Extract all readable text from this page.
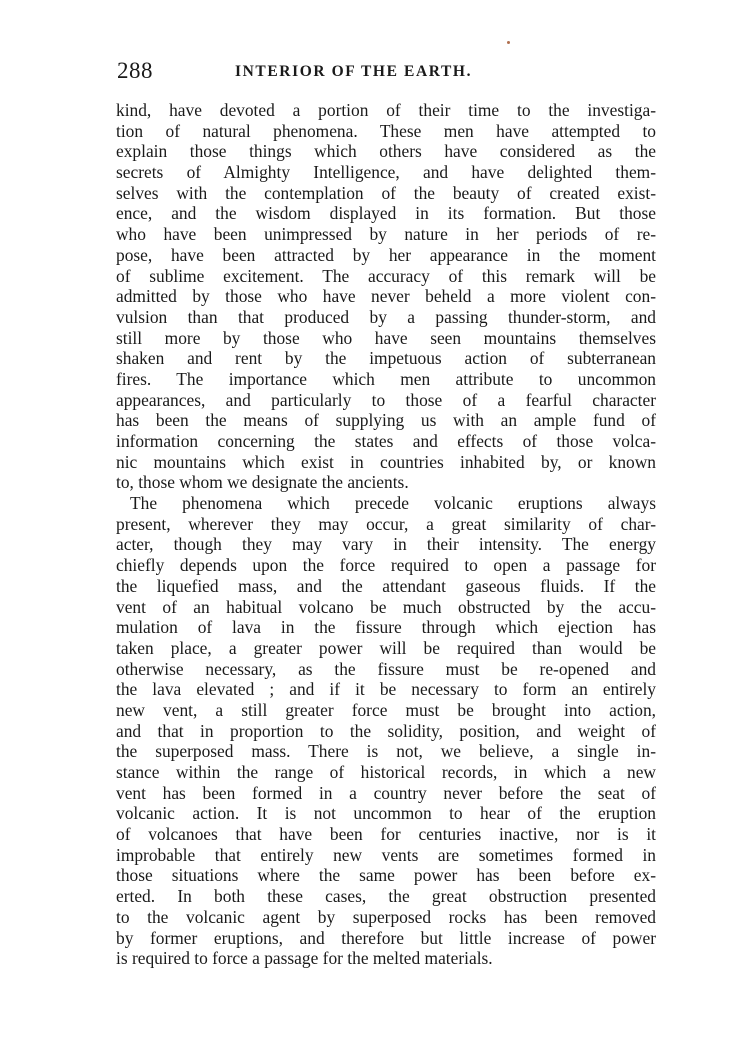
288	INTERIOR OF THE EARTH.
kind, have devoted a portion of their time to the investiga-
tion of natural phenomena. These men have attempted to
explain those things which others have considered as the
secrets of Almighty Intelligence, and have delighted them-
selves with the contemplation of the beauty of created exist-
ence, and the wisdom displayed in its formation. But those
who have been unimpressed by nature in her periods of re-
pose, have been attracted by her appearance in the moment
of sublime excitement. The accuracy of this remark will be
admitted by those who have never beheld a more violent con-
vulsion than that produced by a passing thunder-storm, and
still more by those who have seen mountains themselves
shaken and rent by the impetuous action of subterranean
fires. The importance which men attribute to uncommon
appearances, and particularly to those of a fearful character
has been the means of supplying us with an ample fund of
information concerning the states and effects of those volca-
nic mountains which exist in countries inhabited by, or known
to, those whom we designate the ancients.
The phenomena which precede volcanic eruptions always
present, wherever they may occur, a great similarity of char-
acter, though they may vary in their intensity. The energy
chiefly depends upon the force required to open a passage for
the liquefied mass, and the attendant gaseous fluids. If the
vent of an habitual volcano be much obstructed by the accu-
mulation of lava in the fissure through which ejection has
taken place, a greater power will be required than would be
otherwise necessary, as the fissure must be re-opened and
the lava elevated ; and if it be necessary to form an entirely
new vent, a still greater force must be brought into action,
and that in proportion to the solidity, position, and weight of
the superposed mass. There is not, we believe, a single in-
stance within the range of historical records, in which a new
vent has been formed in a country never before the seat of
volcanic action. It is not uncommon to hear of the eruption
of volcanoes that have been for centuries inactive, nor is it
improbable that entirely new vents are sometimes formed in
those situations where the same power has been before ex-
erted. In both these cases, the great obstruction presented
to the volcanic agent by superposed rocks has been removed
by former eruptions, and therefore but little increase of power
is required to force a passage for the melted materials.
